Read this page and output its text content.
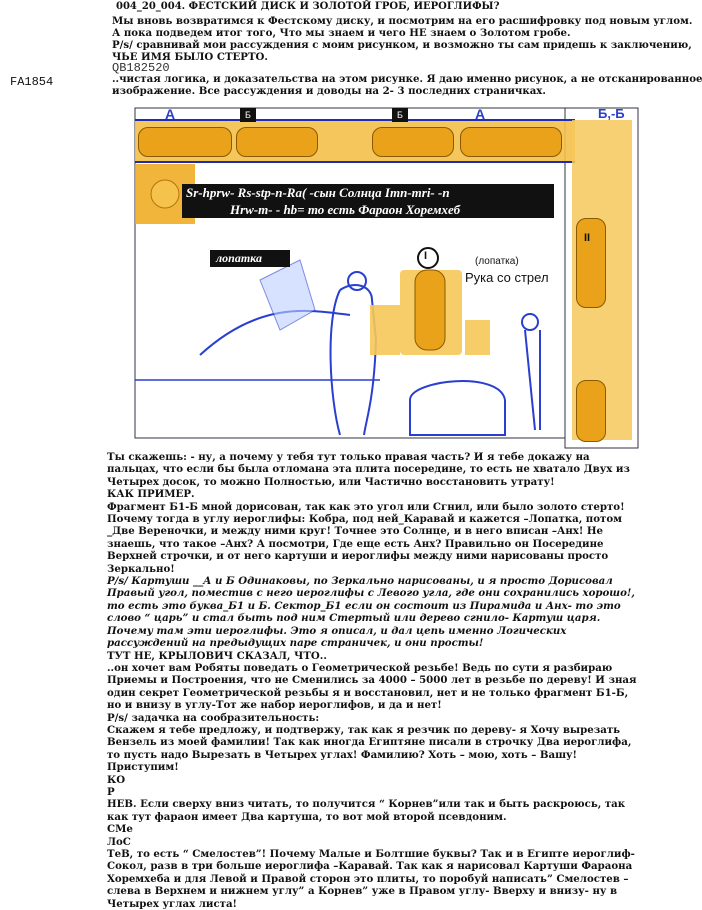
004_20_004. ФЕСТСКИЙ ДИСК И ЗОЛОТОЙ ГРОБ, ИЕРОГЛИФЫ?
Мы вновь возвратимся к Фестскому диску, и посмотрим на его расшифровку под новым углом.
А пока подведем итог того, Что мы знаем и чего НЕ знаем о Золотом гробе.
P/s/ сравнивай мои рассуждения с моим рисунком, и возможно ты сам придешь к заключению,
ЧЬЕ ИМЯ БЫЛО СТЕРТО.
..чистая логика, и доказательства на этом рисунке. Я даю именно рисунок, а не отсканированное
изображение. Все рассуждения и доводы на 2- 3 последних страничках.
FA1854
QB182520
А	Б	Б	А	Б,-Б
Sr-hprw- Rs-stp-n-Ra( -сын Солнца Imn-mri- -n
Hrw-m- - hb= то есть Фараон Хоремхеб
лопатка	I
II
(лопатка)
Рука со стрел

Ты скажешь: - ну, а почему у тебя тут только правая часть? И я тебе докажу на пальцах, что если бы была отломана эта плита посередине, то есть не хватало Двух из Четырех досок, то можно Полностью, или Частично восстановить утрату!

КАК ПРИМЕР.

Фрагмент Б1-Б мной дорисован, так как это угол или Сгнил, или было золото стерто! Почему тогда в углу иероглифы: Кобра, под ней_Каравай и кажется –Лопатка, потом _Две Вереночки, и между ними круг! Точнее это Солнце, и в него вписан –Анх! Не знаешь, что такое –Анх? А посмотри, Где еще есть Анх? Правильно он Посередине Верхней строчки, и от него картуши и иероглифы между ними нарисованы просто Зеркально!

P/s/ Картуши __А и Б Одинаковы, по Зеркально нарисованы, и я просто Дорисовал Правый угол, поместив с него иероглифы с Левого угла, где они сохранились хорошо!, то есть это буква_Б1 и Б. Сектор_Б1 если он состоит из Пирамида и Анх- то это слово “ царь” и стал быть под ним Стертый или дерево сгнило- Картуш царя. Почему там эти иероглифы. Это я описал, и дал цепь именно Логических рассуждений на предыдущих паре страничек, и они просты!

ТУТ НЕ, КРЫЛОВИЧ СКАЗАЛ, ЧТО..

..он хочет вам Робяты поведать о Геометрической резьбе! Ведь по сути я разбираю Приемы и Построения, что не Сменились за 4000 – 5000 лет в резьбе по дереву! И зная один секрет Геометрической резьбы я и восстановил, нет и не только фрагмент Б1-Б, но и внизу в углу-Тот же набор иероглифов, и да и нет!

P/s/ задачка на сообразительность:

Скажем я тебе предложу, и подтвержу, так как я резчик по дереву- я Хочу вырезать Вензель из моей фамилии! Так как иногда Египтяне писали в строчку Два иероглифа, то пусть надо Вырезать в Четырех углах! Фамилию? Хоть – мою, хоть – Вашу! Приступим!

КО

Р

НЕВ. Если сверху вниз читать, то получится “ Корнев”или так и быть раскроюсь, так как тут фараон имеет Два картуша, то вот мой второй псевдоним.

СМе

ЛоС

ТеВ, то есть “ Смелостев”! Почему Малые и Болтшие буквы? Так и в Египте иероглиф-Сокол, разв в три больше иероглифа –Каравай. Так как я нарисовал Картуши Фараона Хоремхеба и для Левой и Правой сторон это плиты, то поробуй написать” Смелостев – слева в Верхнем и нижнем углу” а Корнев” уже в Правом углу- Вверху и внизу- ну в Четырех углах листа!
